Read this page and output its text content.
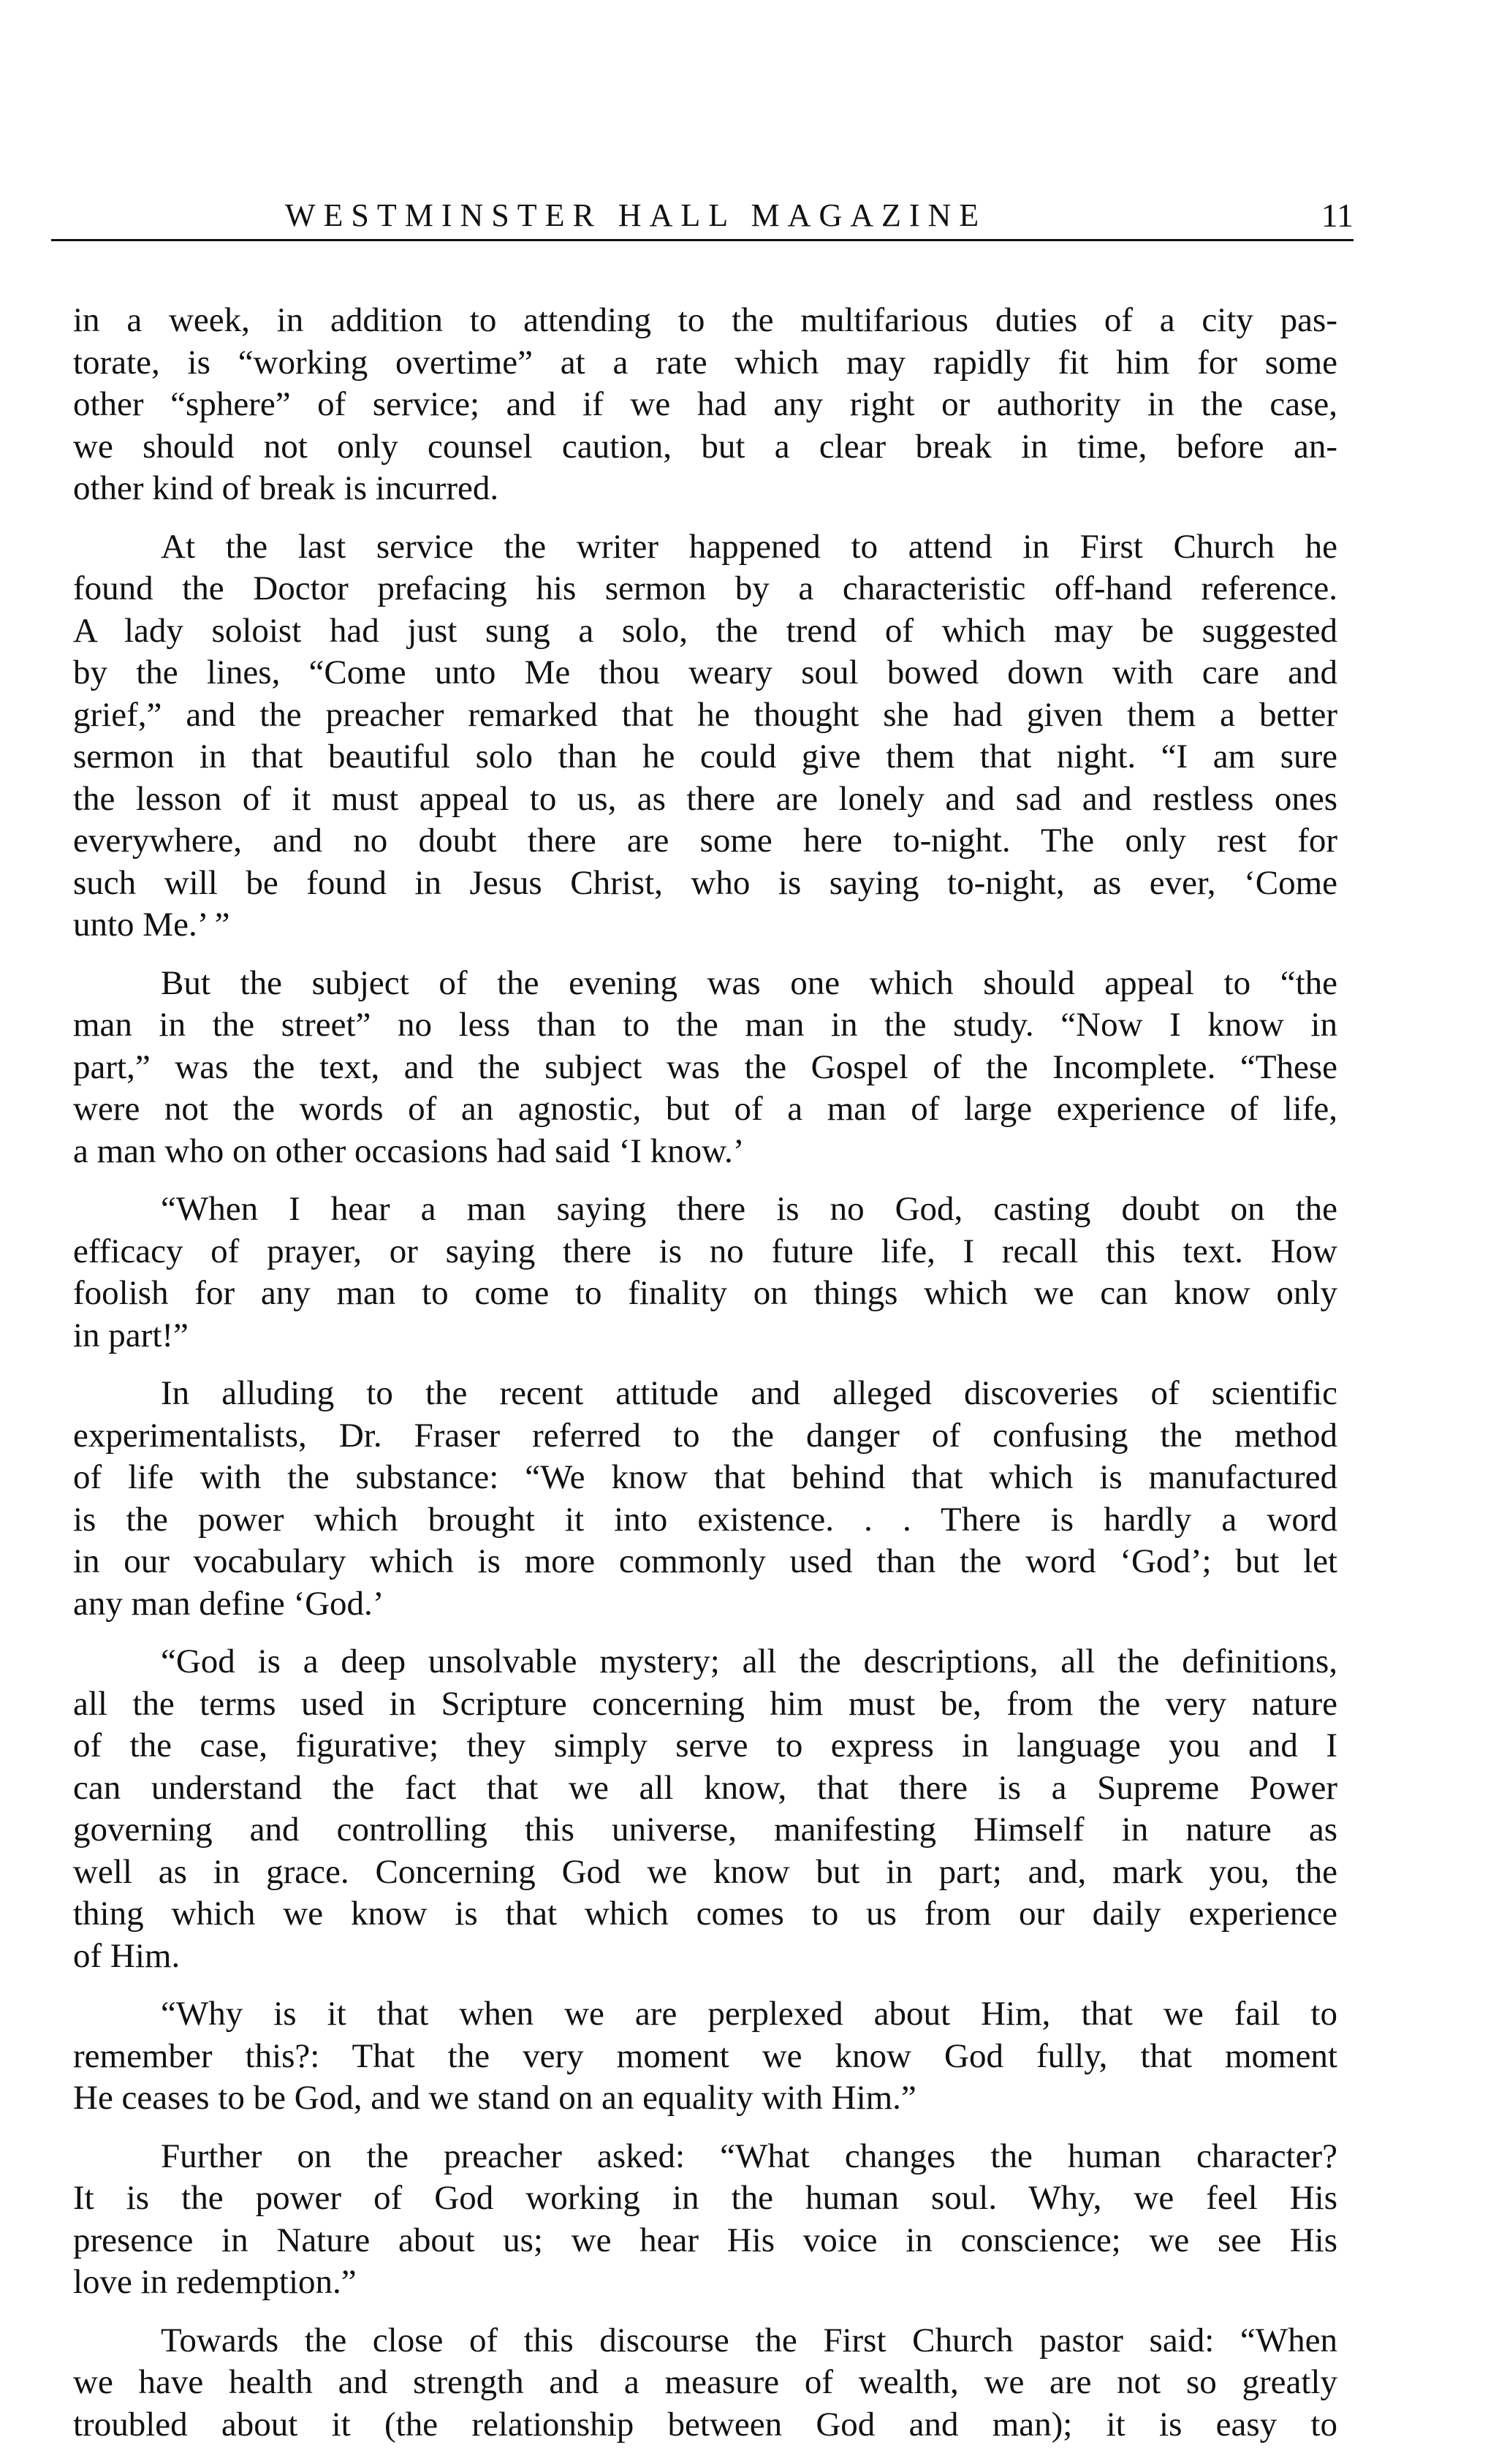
WESTMINSTER HALL MAGAZINE	11
in a week, in addition to attending to the multifarious duties of a city pas-
torate, is “working overtime” at a rate which may rapidly fit him for some
other “sphere” of service; and if we had any right or authority in the case,
we should not only counsel caution, but a clear break in time, before an-
other kind of break is incurred.
At the last service the writer happened to attend in First Church he
found the Doctor prefacing his sermon by a characteristic off-hand reference.
A lady soloist had just sung a solo, the trend of which may be suggested
by the lines, “Come unto Me thou weary soul bowed down with care and
grief,” and the preacher remarked that he thought she had given them a better
sermon in that beautiful solo than he could give them that night. “I am sure
the lesson of it must appeal to us, as there are lonely and sad and restless ones
everywhere, and no doubt there are some here to-night. The only rest for
such will be found in Jesus Christ, who is saying to-night, as ever, ‘Come
unto Me.’ ”
But the subject of the evening was one which should appeal to “the
man in the street” no less than to the man in the study. “Now I know in
part,” was the text, and the subject was the Gospel of the Incomplete. “These
were not the words of an agnostic, but of a man of large experience of life,
a man who on other occasions had said ‘I know.’
“When I hear a man saying there is no God, casting doubt on the
efficacy of prayer, or saying there is no future life, I recall this text. How
foolish for any man to come to finality on things which we can know only
in part!”
In alluding to the recent attitude and alleged discoveries of scientific
experimentalists, Dr. Fraser referred to the danger of confusing the method
of life with the substance: “We know that behind that which is manufactured
is the power which brought it into existence. . . There is hardly a word
in our vocabulary which is more commonly used than the word ‘God’; but let
any man define ‘God.’
“God is a deep unsolvable mystery; all the descriptions, all the definitions,
all the terms used in Scripture concerning him must be, from the very nature
of the case, figurative; they simply serve to express in language you and I
can understand the fact that we all know, that there is a Supreme Power
governing and controlling this universe, manifesting Himself in nature as
well as in grace. Concerning God we know but in part; and, mark you, the
thing which we know is that which comes to us from our daily experience
of Him.
“Why is it that when we are perplexed about Him, that we fail to
remember this?: That the very moment we know God fully, that moment
He ceases to be God, and we stand on an equality with Him.”
Further on the preacher asked: “What changes the human character?
It is the power of God working in the human soul. Why, we feel His
presence in Nature about us; we hear His voice in conscience; we see His
love in redemption.”
Towards the close of this discourse the First Church pastor said: “When
we have health and strength and a measure of wealth, we are not so greatly
troubled about it (the relationship between God and man); it is easy to
